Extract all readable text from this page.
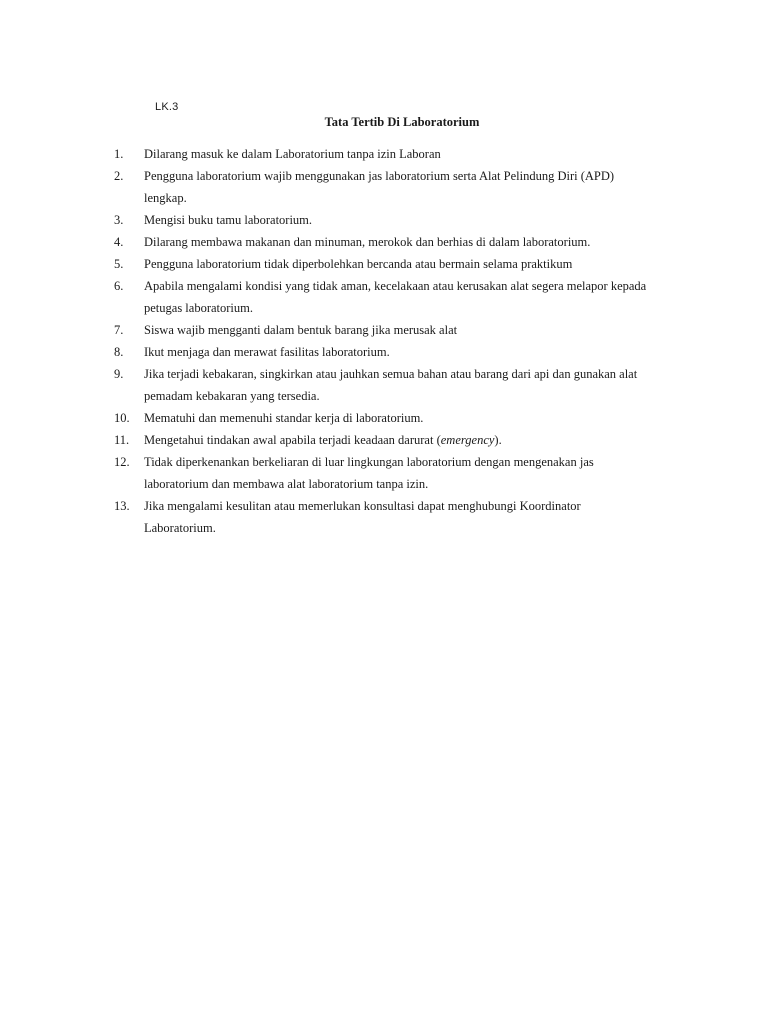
LK.3
Tata Tertib Di Laboratorium
1.	Dilarang masuk ke dalam Laboratorium tanpa izin Laboran
2.	Pengguna laboratorium wajib menggunakan jas laboratorium serta Alat Pelindung Diri (APD) lengkap.
3.	Mengisi buku tamu laboratorium.
4.	Dilarang membawa makanan dan minuman, merokok dan berhias di dalam laboratorium.
5.	Pengguna laboratorium tidak diperbolehkan bercanda atau bermain selama praktikum
6.	Apabila mengalami kondisi yang tidak aman, kecelakaan atau kerusakan alat segera melapor kepada petugas laboratorium.
7.	Siswa wajib mengganti dalam bentuk barang jika merusak alat
8.	Ikut menjaga dan merawat fasilitas laboratorium.
9.	Jika terjadi kebakaran, singkirkan atau jauhkan semua bahan atau barang dari api dan gunakan alat pemadam kebakaran yang tersedia.
10.	Mematuhi dan memenuhi standar kerja di laboratorium.
11.	Mengetahui tindakan awal apabila terjadi keadaan darurat (emergency).
12.	Tidak diperkenankan berkeliaran di luar lingkungan laboratorium dengan mengenakan jas laboratorium dan membawa alat laboratorium tanpa izin.
13.	Jika mengalami kesulitan atau memerlukan konsultasi dapat menghubungi Koordinator Laboratorium.
